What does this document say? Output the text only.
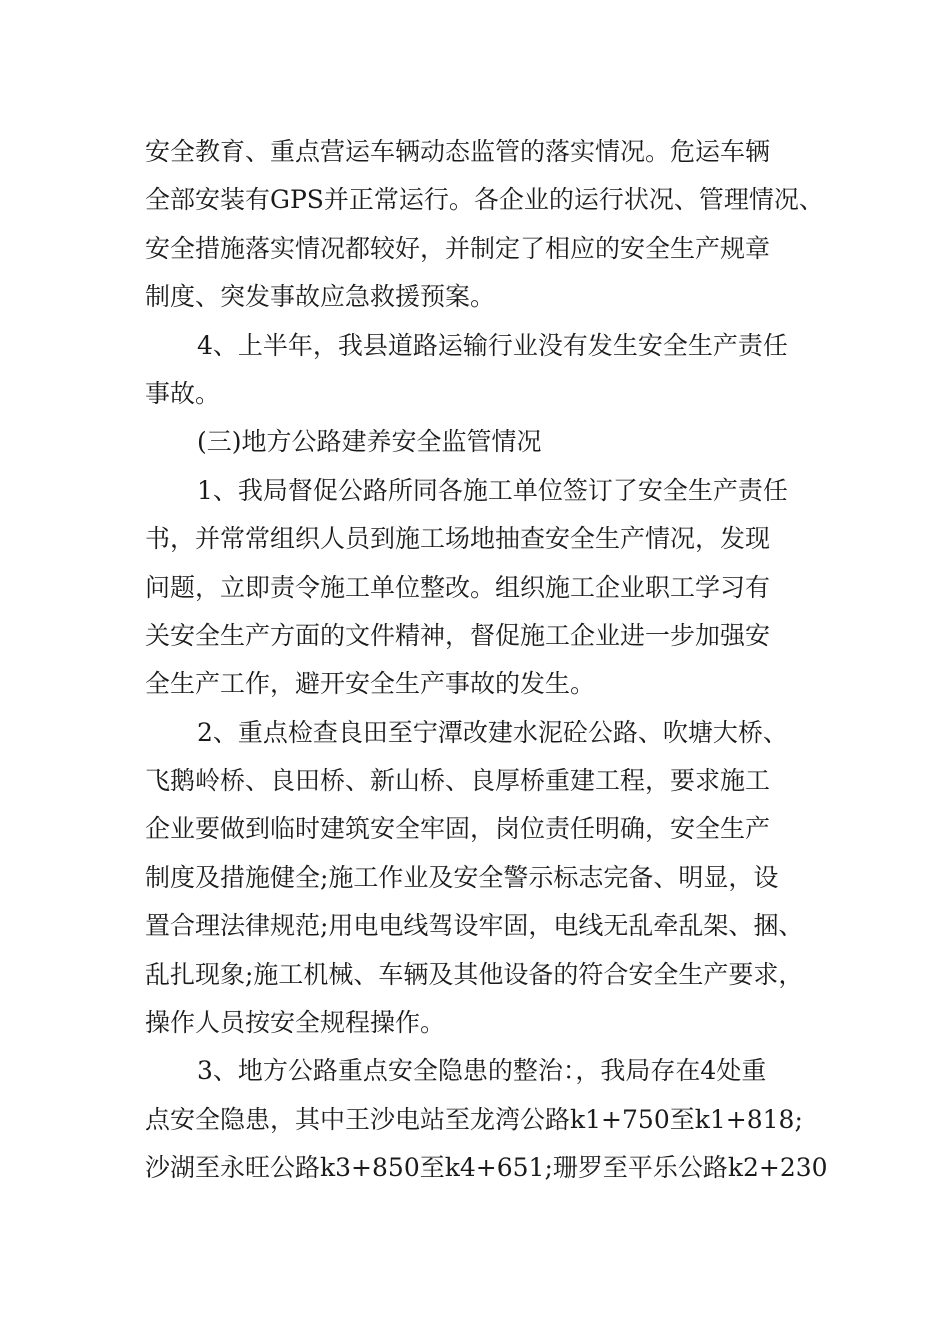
安全教育、重点营运车辆动态监管的落实情况。危运车辆
全部安装有GPS并正常运行。各企业的运行状况、管理情况、
安全措施落实情况都较好，并制定了相应的安全生产规章
制度、突发事故应急救援预案。
4、上半年，我县道路运输行业没有发生安全生产责任
事故。
(三)地方公路建养安全监管情况
1、我局督促公路所同各施工单位签订了安全生产责任
书，并常常组织人员到施工场地抽查安全生产情况，发现
问题，立即责令施工单位整改。组织施工企业职工学习有
关安全生产方面的文件精神，督促施工企业进一步加强安
全生产工作，避开安全生产事故的发生。
2、重点检查良田至宁潭改建水泥砼公路、吹塘大桥、
飞鹅岭桥、良田桥、新山桥、良厚桥重建工程，要求施工
企业要做到临时建筑安全牢固，岗位责任明确，安全生产
制度及措施健全;施工作业及安全警示标志完备、明显，设
置合理法律规范;用电电线驾设牢固，电线无乱牵乱架、捆、
乱扎现象;施工机械、车辆及其他设备的符合安全生产要求，
操作人员按安全规程操作。
3、地方公路重点安全隐患的整治：，我局存在4处重
点安全隐患，其中王沙电站至龙湾公路k1+750至k1+818;
沙湖至永旺公路k3+850至k4+651;珊罗至平乐公路k2+230
